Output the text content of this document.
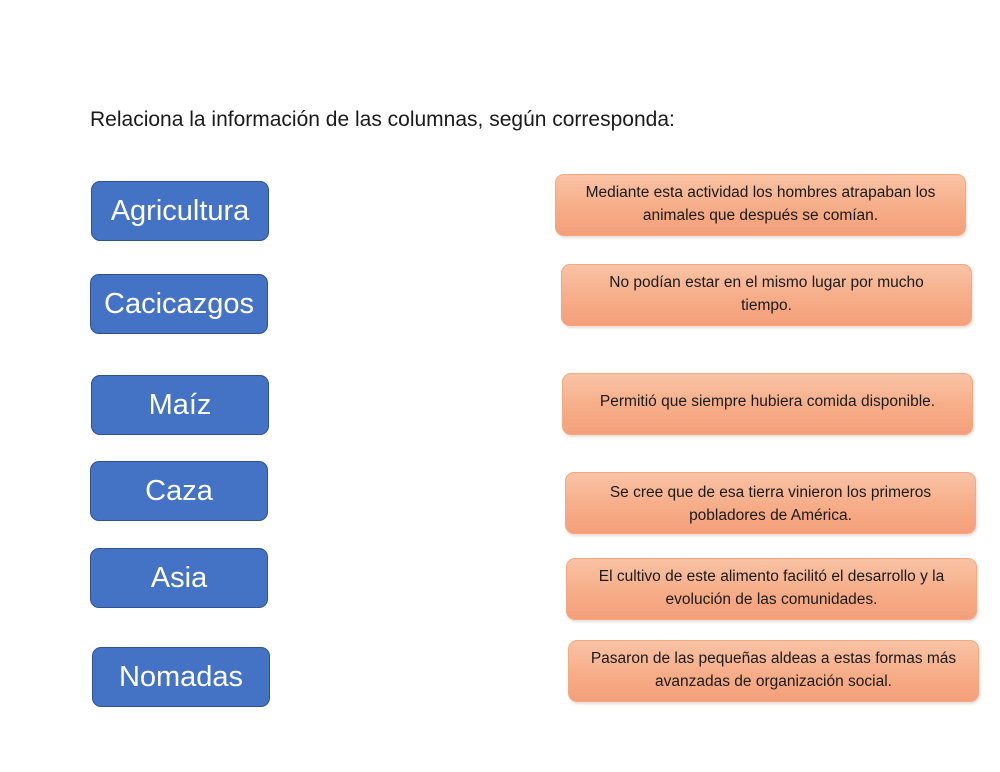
Relaciona la información de las columnas, según corresponda:
Agricultura
Cacicazgos
Maíz
Caza
Asia
Nomadas
Mediante esta actividad los hombres atrapaban los animales que después se comían.
No podían estar en el mismo lugar por mucho tiempo.
Permitió que siempre hubiera comida disponible.
Se cree que de esa tierra vinieron los primeros pobladores de América.
El cultivo de este alimento facilitó el desarrollo y la evolución de las comunidades.
Pasaron de las pequeñas aldeas a estas formas más avanzadas de organización social.
